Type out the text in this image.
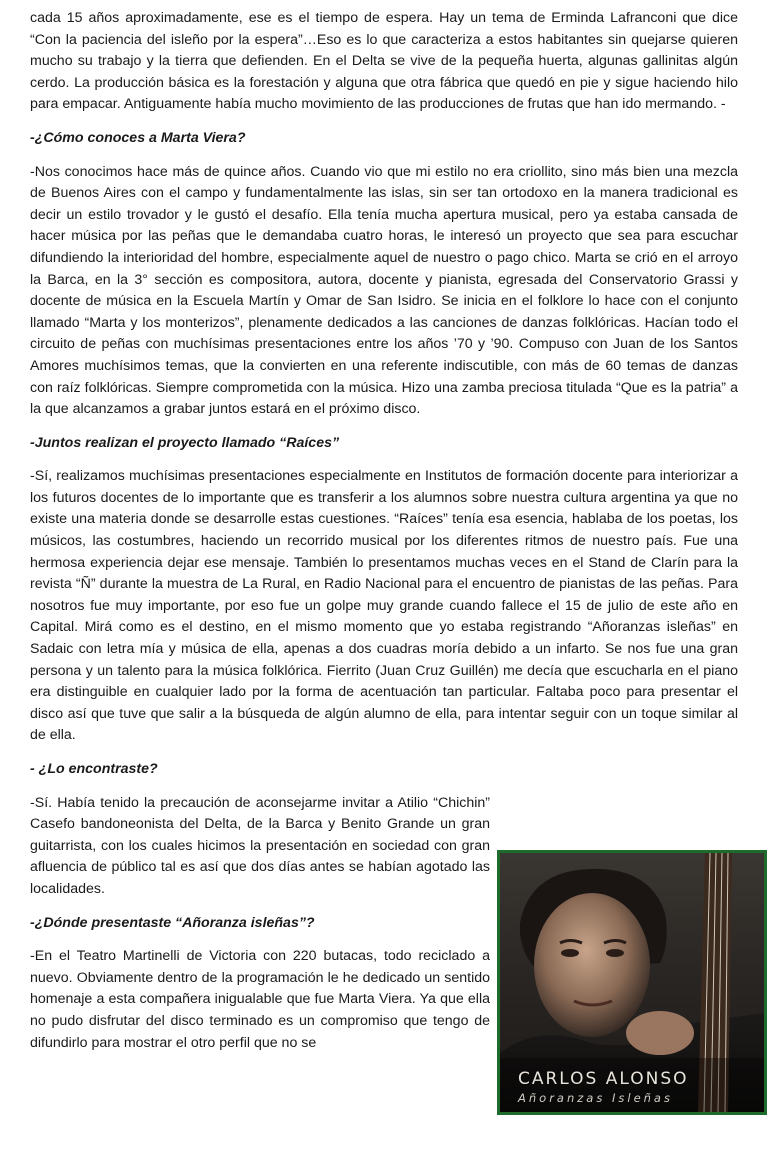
cada 15 años aproximadamente, ese es el tiempo de espera. Hay un tema de Erminda Lafranconi que dice “Con la paciencia del isleño por la espera”…Eso es lo que caracteriza a estos habitantes sin quejarse quieren mucho su trabajo y la tierra que defienden. En el Delta se vive de la pequeña huerta, algunas gallinitas algún cerdo. La producción básica es la forestación y alguna que otra fábrica que quedó en pie y sigue haciendo hilo para empacar. Antiguamente había mucho movimiento de las producciones de frutas que han ido mermando. -

-¿Cómo conoces a Marta Viera?

-Nos conocimos hace más de quince años. Cuando vio que mi estilo no era criollito, sino más bien una mezcla de Buenos Aires con el campo y fundamentalmente las islas, sin ser tan ortodoxo en la manera tradicional es decir un estilo trovador y le gustó el desafío. Ella tenía mucha apertura musical, pero ya estaba cansada de hacer música por las peñas que le demandaba cuatro horas, le interesó un proyecto que sea para escuchar difundiendo la interioridad del hombre, especialmente aquel de nuestro o pago chico. Marta se crió en el arroyo la Barca, en la 3° sección es compositora, autora, docente y pianista, egresada del Conservatorio Grassi y docente de música en la Escuela Martín y Omar de San Isidro. Se inicia en el folklore lo hace con el conjunto llamado “Marta y los monterizos”, plenamente dedicados a las canciones de danzas folklóricas. Hacían todo el circuito de peñas con muchísimas presentaciones entre los años ’70 y ’90. Compuso con Juan de los Santos Amores muchísimos temas, que la convierten en una referente indiscutible, con más de 60 temas de danzas con raíz folklóricas. Siempre comprometida con la música. Hizo una zamba preciosa titulada “Que es la patria” a la que alcanzamos a grabar juntos estará en el próximo disco.

-Juntos realizan el proyecto llamado “Raíces”

-Sí, realizamos muchísimas presentaciones especialmente en Institutos de formación docente para interiorizar a los futuros docentes de lo importante que es transferir a los alumnos sobre nuestra cultura argentina ya que no existe una materia donde se desarrolle estas cuestiones. “Raíces” tenía esa esencia, hablaba de los poetas, los músicos, las costumbres, haciendo un recorrido musical por los diferentes ritmos de nuestro país. Fue una hermosa experiencia dejar ese mensaje. También lo presentamos muchas veces en el Stand de Clarín para la revista “Ñ” durante la muestra de La Rural, en Radio Nacional para el encuentro de pianistas de las peñas. Para nosotros fue muy importante, por eso fue un golpe muy grande cuando fallece el 15 de julio de este año en Capital. Mirá como es el destino, en el mismo momento que yo estaba registrando “Añoranzas isleñas” en Sadaic con letra mía y música de ella, apenas a dos cuadras moría debido a un infarto. Se nos fue una gran persona y un talento para la música folklórica. Fierrito (Juan Cruz Guillén) me decía que escucharla en el piano era distinguible en cualquier lado por la forma de acentuación tan particular. Faltaba poco para presentar el disco así que tuve que salir a la búsqueda de algún alumno de ella, para intentar seguir con un toque similar al de ella.

- ¿Lo encontraste?

-Sí. Había tenido la precaución de aconsejarme invitar a Atilio “Chichin” Casefo bandoneonista del Delta, de la Barca y Benito Grande un gran guitarrista, con los cuales hicimos la presentación en sociedad con gran afluencia de público tal es así que dos días antes se habían agotado las localidades.

-¿Dónde presentaste “Añoranza isleñas”?

-En el Teatro Martinelli de Victoria con 220 butacas, todo reciclado a nuevo. Obviamente dentro de la programación le he dedicado un sentido homenaje a esta compañera inigualable que fue Marta Viera. Ya que ella no pudo disfrutar del disco terminado es un compromiso que tengo de difundirlo para mostrar el otro perfil que no se

CARLOS ALONSO
Añoranzas Isleñas
